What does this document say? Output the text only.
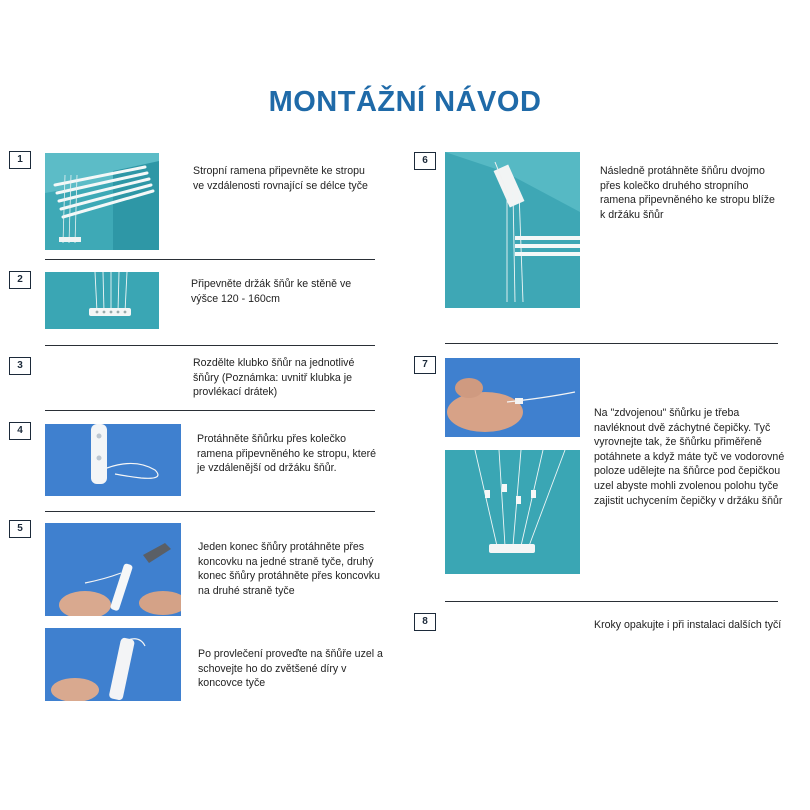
MONTÁŽNÍ NÁVOD
1
Stropní ramena připevněte ke stropu ve vzdálenosti rovnající se délce tyče
2	Připevněte držák šňůr ke stěně ve výšce 120 - 160cm
3	Rozdělte klubko šňůr na jednotlivé šňůry (Poznámka: uvnitř klubka je provlékací drátek)
4
Protáhněte šňůrku přes kolečko ramena připevněného ke stropu, které je vzdálenější od držáku šňůr.
5
Jeden konec šňůry protáhněte přes koncovku na jedné straně tyče, druhý konec šňůry protáhněte přes koncovku na druhé straně tyče
Po provlečení proveďte na šňůře uzel a schovejte ho do zvětšené díry v koncovce tyče
6
Následně protáhněte šňůru dvojmo přes kolečko druhého stropního ramena připevněného ke stropu blíže k držáku šňůr
7
Na "zdvojenou" šňůrku je třeba navléknout dvě záchytné čepičky. Tyč vyrovnejte tak, že šňůrku přiměřeně potáhnete a když máte tyč ve vodorovné poloze udělejte na šňůrce pod čepičkou uzel abyste mohli zvolenou polohu tyče zajistit uchycením čepičky v držáku šňůr
8	Kroky opakujte i při instalaci dalších tyčí
